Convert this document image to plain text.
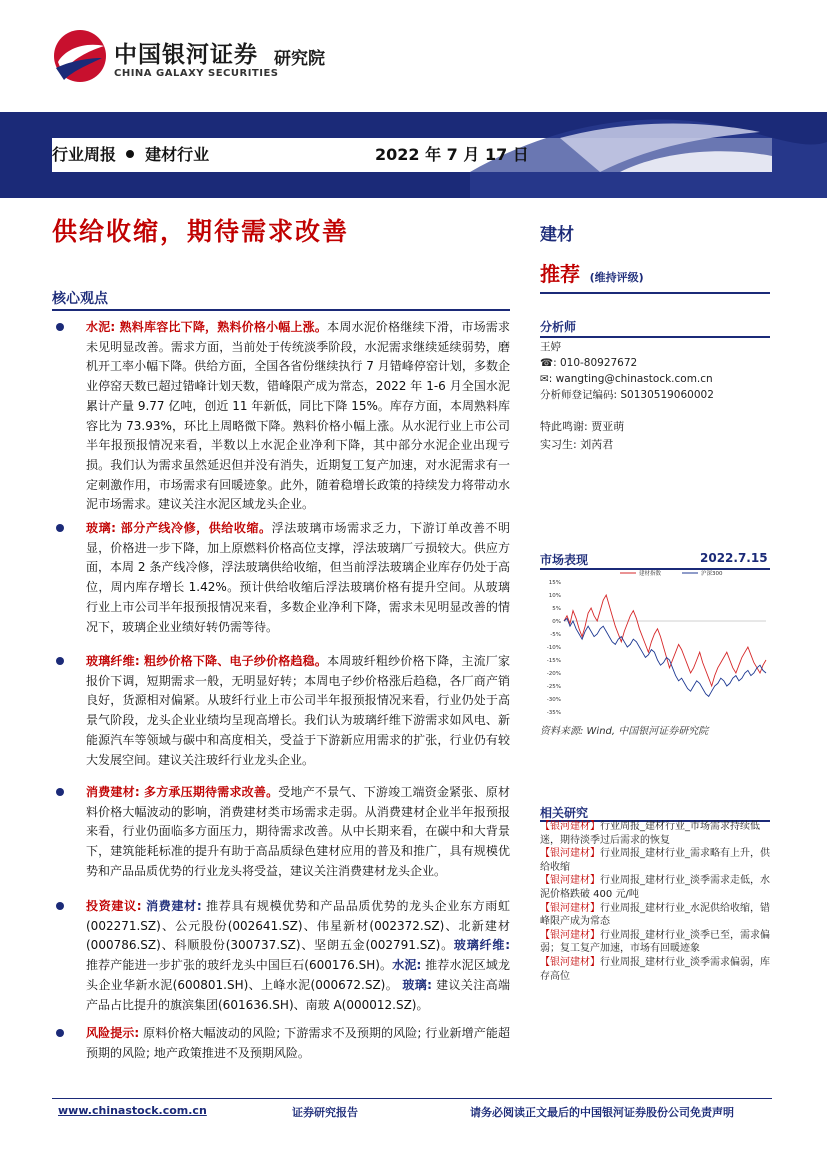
中国银河证券
CHINA GALAXY SECURITIES
研究院
行业周报 建材行业	2022 年 7 月 17 日
供给收缩，期待需求改善	建材
推荐 (维持评级)
核心观点
水泥: 熟料库容比下降，熟料价格小幅上涨。本周水泥价格继续下滑，市场需求未见明显改善。需求方面，当前处于传统淡季阶段，水泥需求继续延续弱势，磨机开工率小幅下降。供给方面，全国各省份继续执行 7 月错峰停窑计划，多数企业停窑天数已超过错峰计划天数，错峰限产成为常态，2022 年 1-6 月全国水泥累计产量 9.77 亿吨，创近 11 年新低，同比下降 15%。库存方面，本周熟料库容比为 73.93%，环比上周略微下降。熟料价格小幅上涨。从水泥行业上市公司半年报预报情况来看，半数以上水泥企业净利下降，其中部分水泥企业出现亏损。我们认为需求虽然延迟但并没有消失，近期复工复产加速，对水泥需求有一定刺激作用，市场需求有回暖迹象。此外，随着稳增长政策的持续发力将带动水泥市场需求。建议关注水泥区域龙头企业。
玻璃: 部分产线冷修，供给收缩。浮法玻璃市场需求乏力，下游订单改善不明显，价格进一步下降，加上原燃料价格高位支撑，浮法玻璃厂亏损较大。供应方面，本周 2 条产线冷修，浮法玻璃供给收缩，但当前浮法玻璃企业库存仍处于高位，周内库存增长 1.42%。预计供给收缩后浮法玻璃价格有提升空间。从玻璃行业上市公司半年报预报情况来看，多数企业净利下降，需求未见明显改善的情况下，玻璃企业业绩好转仍需等待。
玻璃纤维: 粗纱价格下降、电子纱价格趋稳。本周玻纤粗纱价格下降，主流厂家报价下调，短期需求一般，无明显好转；本周电子纱价格涨后趋稳，各厂商产销良好，货源相对偏紧。从玻纤行业上市公司半年报预报情况来看，行业仍处于高景气阶段，龙头企业业绩均呈现高增长。我们认为玻璃纤维下游需求如风电、新能源汽车等领域与碳中和高度相关，受益于下游新应用需求的扩张，行业仍有较大发展空间。建议关注玻纤行业龙头企业。
消费建材: 多方承压期待需求改善。受地产不景气、下游竣工端资金紧张、原材料价格大幅波动的影响，消费建材类市场需求走弱。从消费建材企业半年报预报来看，行业仍面临多方面压力，期待需求改善。从中长期来看，在碳中和大背景下，建筑能耗标准的提升有助于高品质绿色建材应用的普及和推广，具有规模优势和产品品质优势的行业龙头将受益，建议关注消费建材龙头企业。
投资建议: 消费建材: 推荐具有规模优势和产品品质优势的龙头企业东方雨虹(002271.SZ)、公元股份(002641.SZ)、伟星新材(002372.SZ)、北新建材(000786.SZ)、科顺股份(300737.SZ)、坚朗五金(002791.SZ)。玻璃纤维: 推荐产能进一步扩张的玻纤龙头中国巨石(600176.SH)。水泥: 推荐水泥区域龙头企业华新水泥(600801.SH)、上峰水泥(000672.SZ)。 玻璃: 建议关注高端产品占比提升的旗滨集团(601636.SH)、南玻 A(000012.SZ)。
风险提示: 原料价格大幅波动的风险; 下游需求不及预期的风险; 行业新增产能超预期的风险; 地产政策推进不及预期风险。
分析师
王婷
☎: 010-80927672
✉: wangting@chinastock.com.cn
分析师登记编码: S0130519060002
特此鸣谢: 贾亚萌
实习生: 刘芮君
市场表现	2022.7.15
15%
10%
5%
0%
-5%
-10%
-15%
-20%
-25%
-30%
-35%
建材指数	沪深300
资料来源: Wind, 中国银河证券研究院
相关研究
【银河建材】行业周报_建材行业_市场需求持续低迷，期待淡季过后需求的恢复
【银河建材】行业周报_建材行业_需求略有上升，供给收缩
【银河建材】行业周报_建材行业_淡季需求走低，水泥价格跌破 400 元/吨
【银河建材】行业周报_建材行业_水泥供给收缩，错峰限产成为常态
【银河建材】行业周报_建材行业_淡季已至，需求偏弱；复工复产加速，市场有回暖迹象
【银河建材】行业周报_建材行业_淡季需求偏弱，库存高位
www.chinastock.com.cn	证券研究报告	请务必阅读正文最后的中国银河证券股份公司免责声明
